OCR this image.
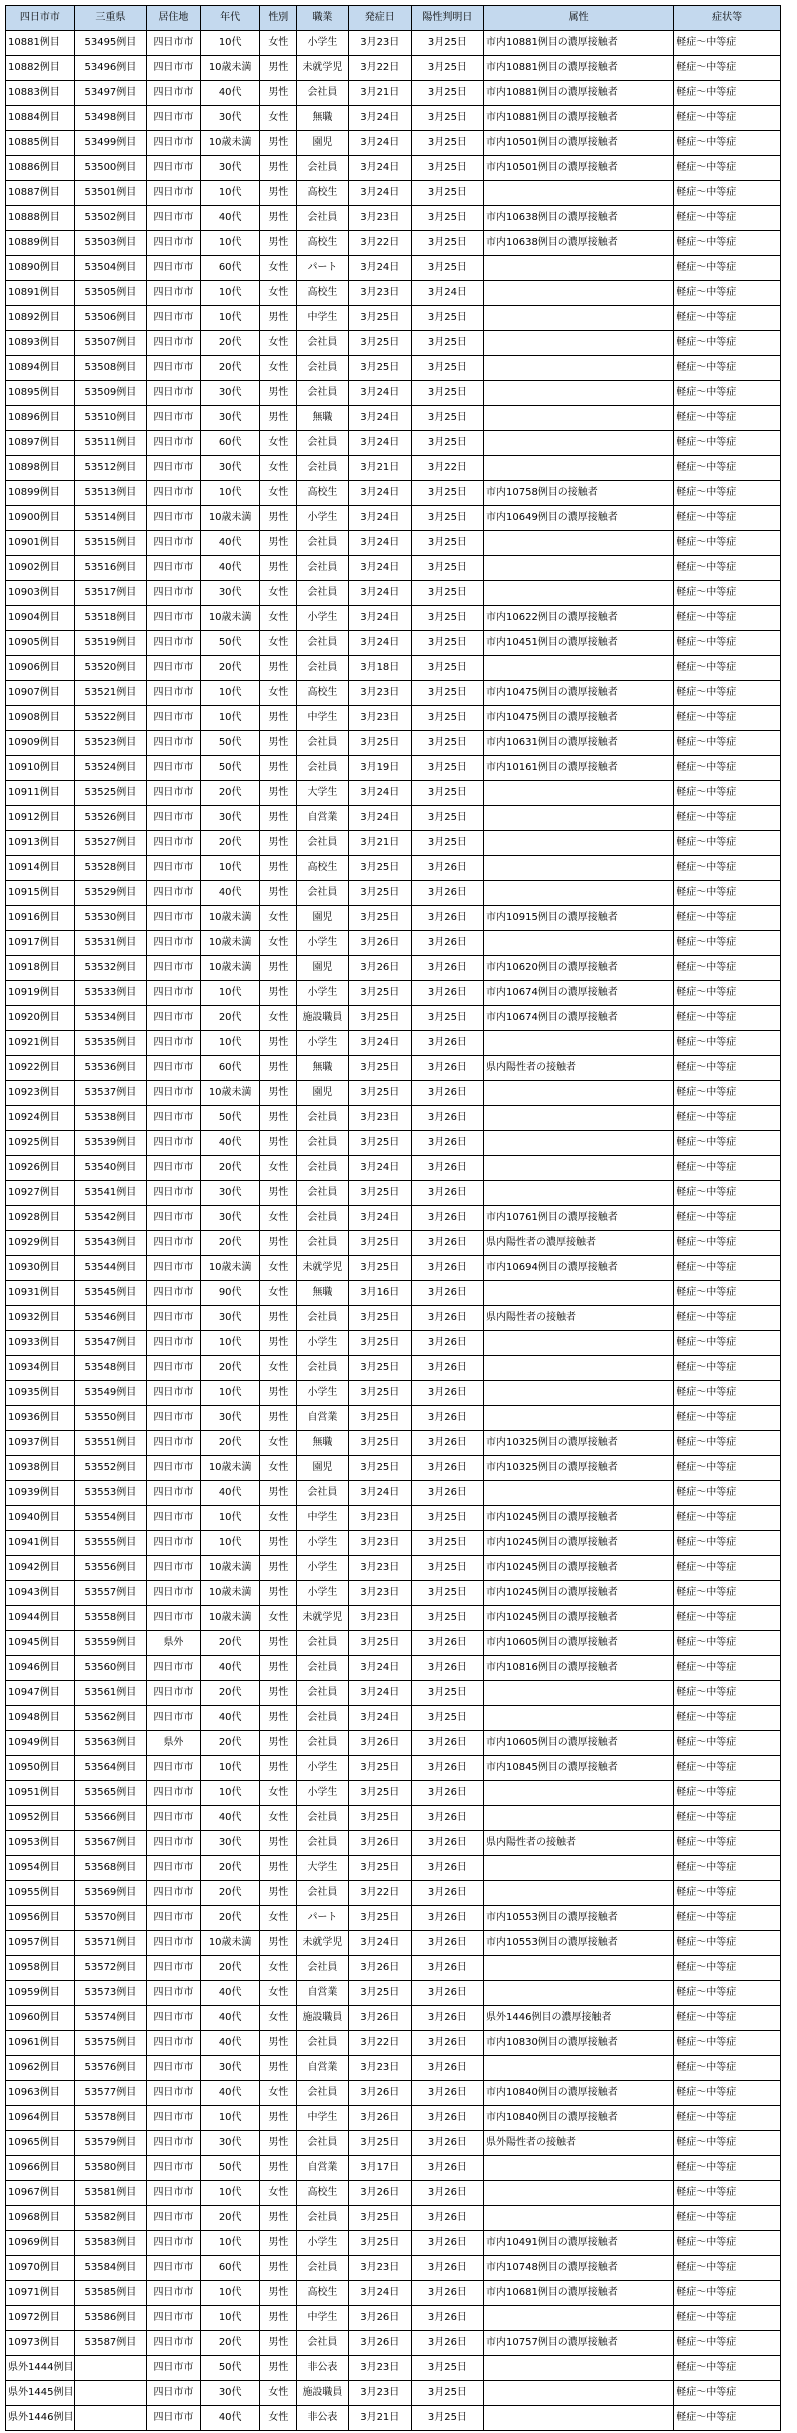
四日市市	三重県	居住地	年代	性別	職業	発症日	陽性判明日	属性	症状等
10881例目	53495例目	四日市市	10代	女性	小学生	3月23日	3月25日	市内10881例目の濃厚接触者	軽症～中等症
10882例目	53496例目	四日市市	10歳未満	男性	未就学児	3月22日	3月25日	市内10881例目の濃厚接触者	軽症～中等症
10883例目	53497例目	四日市市	40代	男性	会社員	3月21日	3月25日	市内10881例目の濃厚接触者	軽症～中等症
10884例目	53498例目	四日市市	30代	女性	無職	3月24日	3月25日	市内10881例目の濃厚接触者	軽症～中等症
10885例目	53499例目	四日市市	10歳未満	男性	園児	3月24日	3月25日	市内10501例目の濃厚接触者	軽症～中等症
10886例目	53500例目	四日市市	30代	男性	会社員	3月24日	3月25日	市内10501例目の濃厚接触者	軽症～中等症
10887例目	53501例目	四日市市	10代	男性	高校生	3月24日	3月25日		軽症～中等症
10888例目	53502例目	四日市市	40代	男性	会社員	3月23日	3月25日	市内10638例目の濃厚接触者	軽症～中等症
10889例目	53503例目	四日市市	10代	男性	高校生	3月22日	3月25日	市内10638例目の濃厚接触者	軽症～中等症
10890例目	53504例目	四日市市	60代	女性	パート	3月24日	3月25日		軽症～中等症
10891例目	53505例目	四日市市	10代	女性	高校生	3月23日	3月24日		軽症～中等症
10892例目	53506例目	四日市市	10代	男性	中学生	3月25日	3月25日		軽症～中等症
10893例目	53507例目	四日市市	20代	女性	会社員	3月25日	3月25日		軽症～中等症
10894例目	53508例目	四日市市	20代	女性	会社員	3月25日	3月25日		軽症～中等症
10895例目	53509例目	四日市市	30代	男性	会社員	3月24日	3月25日		軽症～中等症
10896例目	53510例目	四日市市	30代	男性	無職	3月24日	3月25日		軽症～中等症
10897例目	53511例目	四日市市	60代	女性	会社員	3月24日	3月25日		軽症～中等症
10898例目	53512例目	四日市市	30代	女性	会社員	3月21日	3月22日		軽症～中等症
10899例目	53513例目	四日市市	10代	女性	高校生	3月24日	3月25日	市内10758例目の接触者	軽症～中等症
10900例目	53514例目	四日市市	10歳未満	男性	小学生	3月24日	3月25日	市内10649例目の濃厚接触者	軽症～中等症
10901例目	53515例目	四日市市	40代	男性	会社員	3月24日	3月25日		軽症～中等症
10902例目	53516例目	四日市市	40代	男性	会社員	3月24日	3月25日		軽症～中等症
10903例目	53517例目	四日市市	30代	女性	会社員	3月24日	3月25日		軽症～中等症
10904例目	53518例目	四日市市	10歳未満	女性	小学生	3月24日	3月25日	市内10622例目の濃厚接触者	軽症～中等症
10905例目	53519例目	四日市市	50代	女性	会社員	3月24日	3月25日	市内10451例目の濃厚接触者	軽症～中等症
10906例目	53520例目	四日市市	20代	男性	会社員	3月18日	3月25日		軽症～中等症
10907例目	53521例目	四日市市	10代	女性	高校生	3月23日	3月25日	市内10475例目の濃厚接触者	軽症～中等症
10908例目	53522例目	四日市市	10代	男性	中学生	3月23日	3月25日	市内10475例目の濃厚接触者	軽症～中等症
10909例目	53523例目	四日市市	50代	男性	会社員	3月25日	3月25日	市内10631例目の濃厚接触者	軽症～中等症
10910例目	53524例目	四日市市	50代	男性	会社員	3月19日	3月25日	市内10161例目の濃厚接触者	軽症～中等症
10911例目	53525例目	四日市市	20代	男性	大学生	3月24日	3月25日		軽症～中等症
10912例目	53526例目	四日市市	30代	男性	自営業	3月24日	3月25日		軽症～中等症
10913例目	53527例目	四日市市	20代	男性	会社員	3月21日	3月25日		軽症～中等症
10914例目	53528例目	四日市市	10代	男性	高校生	3月25日	3月26日		軽症～中等症
10915例目	53529例目	四日市市	40代	男性	会社員	3月25日	3月26日		軽症～中等症
10916例目	53530例目	四日市市	10歳未満	女性	園児	3月25日	3月26日	市内10915例目の濃厚接触者	軽症～中等症
10917例目	53531例目	四日市市	10歳未満	女性	小学生	3月26日	3月26日		軽症～中等症
10918例目	53532例目	四日市市	10歳未満	男性	園児	3月26日	3月26日	市内10620例目の濃厚接触者	軽症～中等症
10919例目	53533例目	四日市市	10代	男性	小学生	3月25日	3月26日	市内10674例目の濃厚接触者	軽症～中等症
10920例目	53534例目	四日市市	20代	女性	施設職員	3月25日	3月25日	市内10674例目の濃厚接触者	軽症～中等症
10921例目	53535例目	四日市市	10代	男性	小学生	3月24日	3月26日		軽症～中等症
10922例目	53536例目	四日市市	60代	男性	無職	3月25日	3月26日	県内陽性者の接触者	軽症～中等症
10923例目	53537例目	四日市市	10歳未満	男性	園児	3月25日	3月26日		軽症～中等症
10924例目	53538例目	四日市市	50代	男性	会社員	3月23日	3月26日		軽症～中等症
10925例目	53539例目	四日市市	40代	男性	会社員	3月25日	3月26日		軽症～中等症
10926例目	53540例目	四日市市	20代	女性	会社員	3月24日	3月26日		軽症～中等症
10927例目	53541例目	四日市市	30代	男性	会社員	3月25日	3月26日		軽症～中等症
10928例目	53542例目	四日市市	30代	女性	会社員	3月24日	3月26日	市内10761例目の濃厚接触者	軽症～中等症
10929例目	53543例目	四日市市	20代	男性	会社員	3月25日	3月26日	県内陽性者の濃厚接触者	軽症～中等症
10930例目	53544例目	四日市市	10歳未満	女性	未就学児	3月25日	3月26日	市内10694例目の濃厚接触者	軽症～中等症
10931例目	53545例目	四日市市	90代	女性	無職	3月16日	3月26日		軽症～中等症
10932例目	53546例目	四日市市	30代	男性	会社員	3月25日	3月26日	県内陽性者の接触者	軽症～中等症
10933例目	53547例目	四日市市	10代	男性	小学生	3月25日	3月26日		軽症～中等症
10934例目	53548例目	四日市市	20代	女性	会社員	3月25日	3月26日		軽症～中等症
10935例目	53549例目	四日市市	10代	男性	小学生	3月25日	3月26日		軽症～中等症
10936例目	53550例目	四日市市	30代	男性	自営業	3月25日	3月26日		軽症～中等症
10937例目	53551例目	四日市市	20代	女性	無職	3月25日	3月26日	市内10325例目の濃厚接触者	軽症～中等症
10938例目	53552例目	四日市市	10歳未満	女性	園児	3月25日	3月26日	市内10325例目の濃厚接触者	軽症～中等症
10939例目	53553例目	四日市市	40代	男性	会社員	3月24日	3月26日		軽症～中等症
10940例目	53554例目	四日市市	10代	女性	中学生	3月23日	3月25日	市内10245例目の濃厚接触者	軽症～中等症
10941例目	53555例目	四日市市	10代	男性	小学生	3月23日	3月25日	市内10245例目の濃厚接触者	軽症～中等症
10942例目	53556例目	四日市市	10歳未満	男性	小学生	3月23日	3月25日	市内10245例目の濃厚接触者	軽症～中等症
10943例目	53557例目	四日市市	10歳未満	男性	小学生	3月23日	3月25日	市内10245例目の濃厚接触者	軽症～中等症
10944例目	53558例目	四日市市	10歳未満	女性	未就学児	3月23日	3月25日	市内10245例目の濃厚接触者	軽症～中等症
10945例目	53559例目	県外	20代	男性	会社員	3月25日	3月26日	市内10605例目の濃厚接触者	軽症～中等症
10946例目	53560例目	四日市市	40代	男性	会社員	3月24日	3月26日	市内10816例目の濃厚接触者	軽症～中等症
10947例目	53561例目	四日市市	20代	男性	会社員	3月24日	3月25日		軽症～中等症
10948例目	53562例目	四日市市	40代	男性	会社員	3月24日	3月25日		軽症～中等症
10949例目	53563例目	県外	20代	男性	会社員	3月26日	3月26日	市内10605例目の濃厚接触者	軽症～中等症
10950例目	53564例目	四日市市	10代	男性	小学生	3月25日	3月26日	市内10845例目の濃厚接触者	軽症～中等症
10951例目	53565例目	四日市市	10代	女性	小学生	3月25日	3月26日		軽症～中等症
10952例目	53566例目	四日市市	40代	女性	会社員	3月25日	3月26日		軽症～中等症
10953例目	53567例目	四日市市	30代	男性	会社員	3月26日	3月26日	県内陽性者の接触者	軽症～中等症
10954例目	53568例目	四日市市	20代	男性	大学生	3月25日	3月26日		軽症～中等症
10955例目	53569例目	四日市市	20代	男性	会社員	3月22日	3月26日		軽症～中等症
10956例目	53570例目	四日市市	20代	女性	パート	3月25日	3月26日	市内10553例目の濃厚接触者	軽症～中等症
10957例目	53571例目	四日市市	10歳未満	男性	未就学児	3月24日	3月26日	市内10553例目の濃厚接触者	軽症～中等症
10958例目	53572例目	四日市市	20代	女性	会社員	3月26日	3月26日		軽症～中等症
10959例目	53573例目	四日市市	40代	女性	自営業	3月25日	3月26日		軽症～中等症
10960例目	53574例目	四日市市	40代	女性	施設職員	3月26日	3月26日	県外1446例目の濃厚接触者	軽症～中等症
10961例目	53575例目	四日市市	40代	男性	会社員	3月22日	3月26日	市内10830例目の濃厚接触者	軽症～中等症
10962例目	53576例目	四日市市	30代	男性	自営業	3月23日	3月26日		軽症～中等症
10963例目	53577例目	四日市市	40代	女性	会社員	3月26日	3月26日	市内10840例目の濃厚接触者	軽症～中等症
10964例目	53578例目	四日市市	10代	男性	中学生	3月26日	3月26日	市内10840例目の濃厚接触者	軽症～中等症
10965例目	53579例目	四日市市	30代	男性	会社員	3月25日	3月26日	県外陽性者の接触者	軽症～中等症
10966例目	53580例目	四日市市	50代	男性	自営業	3月17日	3月26日		軽症～中等症
10967例目	53581例目	四日市市	10代	女性	高校生	3月26日	3月26日		軽症～中等症
10968例目	53582例目	四日市市	20代	男性	会社員	3月25日	3月26日		軽症～中等症
10969例目	53583例目	四日市市	10代	男性	小学生	3月25日	3月26日	市内10491例目の濃厚接触者	軽症～中等症
10970例目	53584例目	四日市市	60代	男性	会社員	3月23日	3月26日	市内10748例目の濃厚接触者	軽症～中等症
10971例目	53585例目	四日市市	10代	男性	高校生	3月24日	3月26日	市内10681例目の濃厚接触者	軽症～中等症
10972例目	53586例目	四日市市	10代	男性	中学生	3月26日	3月26日		軽症～中等症
10973例目	53587例目	四日市市	20代	男性	会社員	3月26日	3月26日	市内10757例目の濃厚接触者	軽症～中等症
県外1444例目		四日市市	50代	男性	非公表	3月23日	3月25日		軽症～中等症
県外1445例目		四日市市	30代	女性	施設職員	3月23日	3月25日		軽症～中等症
県外1446例目		四日市市	40代	女性	非公表	3月21日	3月25日		軽症～中等症
